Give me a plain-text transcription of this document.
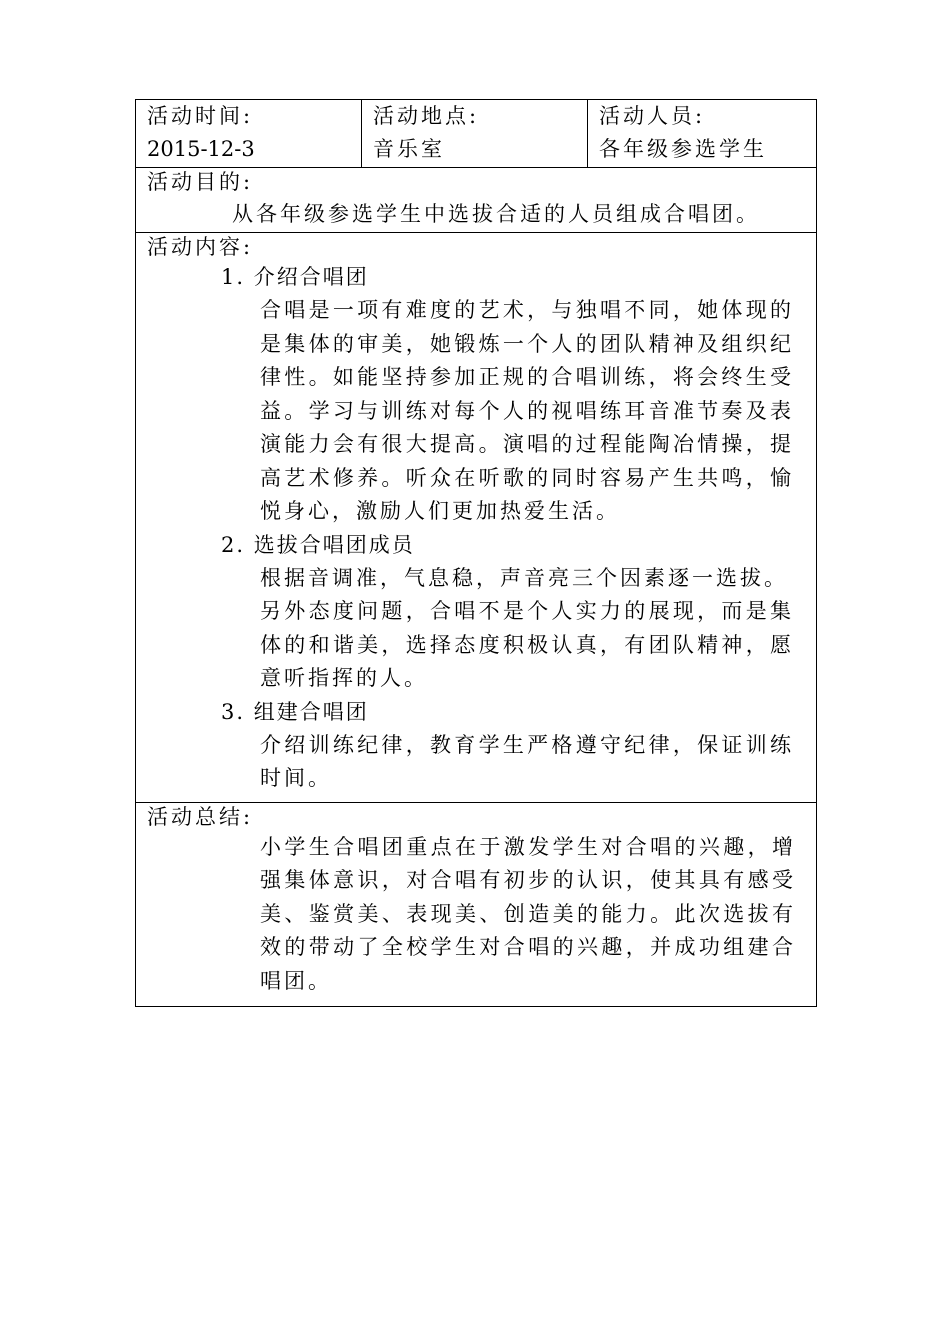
活动时间:
2015-12-3
活动地点:
音乐室
活动人员:
各年级参选学生
活动目的:
从各年级参选学生中选拔合适的人员组成合唱团。
活动内容:
1. 介绍合唱团
合唱是一项有难度的艺术，与独唱不同，她体现的是集体的审美，她锻炼一个人的团队精神及组织纪律性。如能坚持参加正规的合唱训练，将会终生受益。学习与训练对每个人的视唱练耳音准节奏及表演能力会有很大提高。演唱的过程能陶冶情操，提高艺术修养。听众在听歌的同时容易产生共鸣，愉悦身心，激励人们更加热爱生活。
2. 选拔合唱团成员
根据音调准，气息稳，声音亮三个因素逐一选拔。
另外态度问题，合唱不是个人实力的展现，而是集体的和谐美，选择态度积极认真，有团队精神，愿意听指挥的人。
3. 组建合唱团
介绍训练纪律，教育学生严格遵守纪律，保证训练时间。
活动总结:
小学生合唱团重点在于激发学生对合唱的兴趣，增强集体意识，对合唱有初步的认识，使其具有感受美、鉴赏美、表现美、创造美的能力。此次选拔有效的带动了全校学生对合唱的兴趣，并成功组建合唱团。
